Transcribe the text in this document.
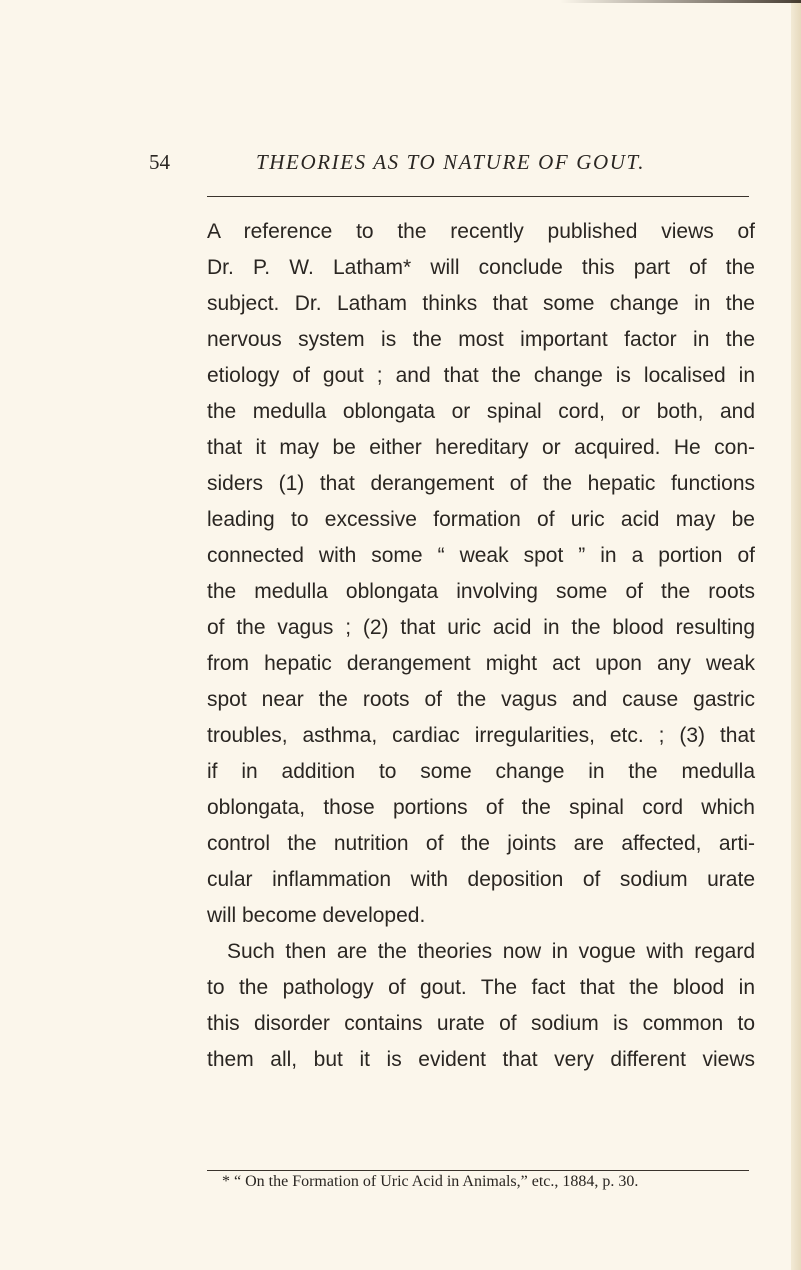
54	THEORIES AS TO NATURE OF GOUT.
A reference to the recently published views of
Dr. P. W. Latham* will conclude this part of the
subject. Dr. Latham thinks that some change in the
nervous system is the most important factor in the
etiology of gout ; and that the change is localised in
the medulla oblongata or spinal cord, or both, and
that it may be either hereditary or acquired. He con-
siders (1) that derangement of the hepatic functions
leading to excessive formation of uric acid may be
connected with some “ weak spot ” in a portion of
the medulla oblongata involving some of the roots
of the vagus ; (2) that uric acid in the blood resulting
from hepatic derangement might act upon any weak
spot near the roots of the vagus and cause gastric
troubles, asthma, cardiac irregularities, etc. ; (3) that
if in addition to some change in the medulla
oblongata, those portions of the spinal cord which
control the nutrition of the joints are affected, arti-
cular inflammation with deposition of sodium urate
will become developed.
Such then are the theories now in vogue with regard
to the pathology of gout. The fact that the blood in
this disorder contains urate of sodium is common to
them all, but it is evident that very different views
* “ On the Formation of Uric Acid in Animals,” etc., 1884, p. 30.
